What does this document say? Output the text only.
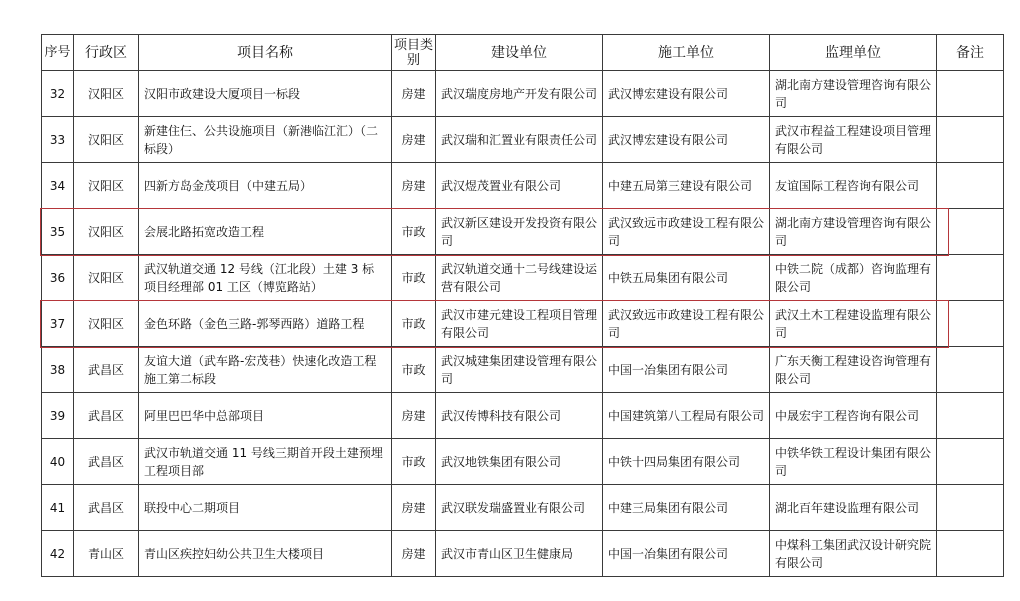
序号	行政区	项目名称	项目类别	建设单位	施工单位	监理单位	备注
32	汉阳区	汉阳市政建设大厦项目一标段	房建	武汉瑞度房地产开发有限公司	武汉博宏建设有限公司	湖北南方建设管理咨询有限公司	
33	汉阳区	新建住仨、公共设施项目（新港临江汇）（二标段）	房建	武汉瑞和汇置业有限责任公司	武汉博宏建设有限公司	武汉市程益工程建设项目管理有限公司	
34	汉阳区	四新方岛金茂项目（中建五局）	房建	武汉煜茂置业有限公司	中建五局第三建设有限公司	友谊国际工程咨询有限公司	
35	汉阳区	会展北路拓宽改造工程	市政	武汉新区建设开发投资有限公司	武汉致远市政建设工程有限公司	湖北南方建设管理咨询有限公司	
36	汉阳区	武汉轨道交通 12 号线（江北段）土建 3 标项目经理部 01 工区（博览路站）	市政	武汉轨道交通十二号线建设运营有限公司	中铁五局集团有限公司	中铁二院（成都）咨询监理有限公司	
37	汉阳区	金色环路（金色三路-郭琴西路）道路工程	市政	武汉市建元建设工程项目管理有限公司	武汉致远市政建设工程有限公司	武汉土木工程建设监理有限公司	
38	武昌区	友谊大道（武车路-宏茂巷）快速化改造工程施工第二标段	市政	武汉城建集团建设管理有限公司	中国一冶集团有限公司	广东天衡工程建设咨询管理有限公司	
39	武昌区	阿里巴巴华中总部项目	房建	武汉传博科技有限公司	中国建筑第八工程局有限公司	中晟宏宇工程咨询有限公司	
40	武昌区	武汉市轨道交通 11 号线三期首开段土建预埋工程项目部	市政	武汉地铁集团有限公司	中铁十四局集团有限公司	中铁华铁工程设计集团有限公司	
41	武昌区	联投中心二期项目	房建	武汉联发瑞盛置业有限公司	中建三局集团有限公司	湖北百年建设监理有限公司	
42	青山区	青山区疾控妇幼公共卫生大楼项目	房建	武汉市青山区卫生健康局	中国一冶集团有限公司	中煤科工集团武汉设计研究院有限公司	
